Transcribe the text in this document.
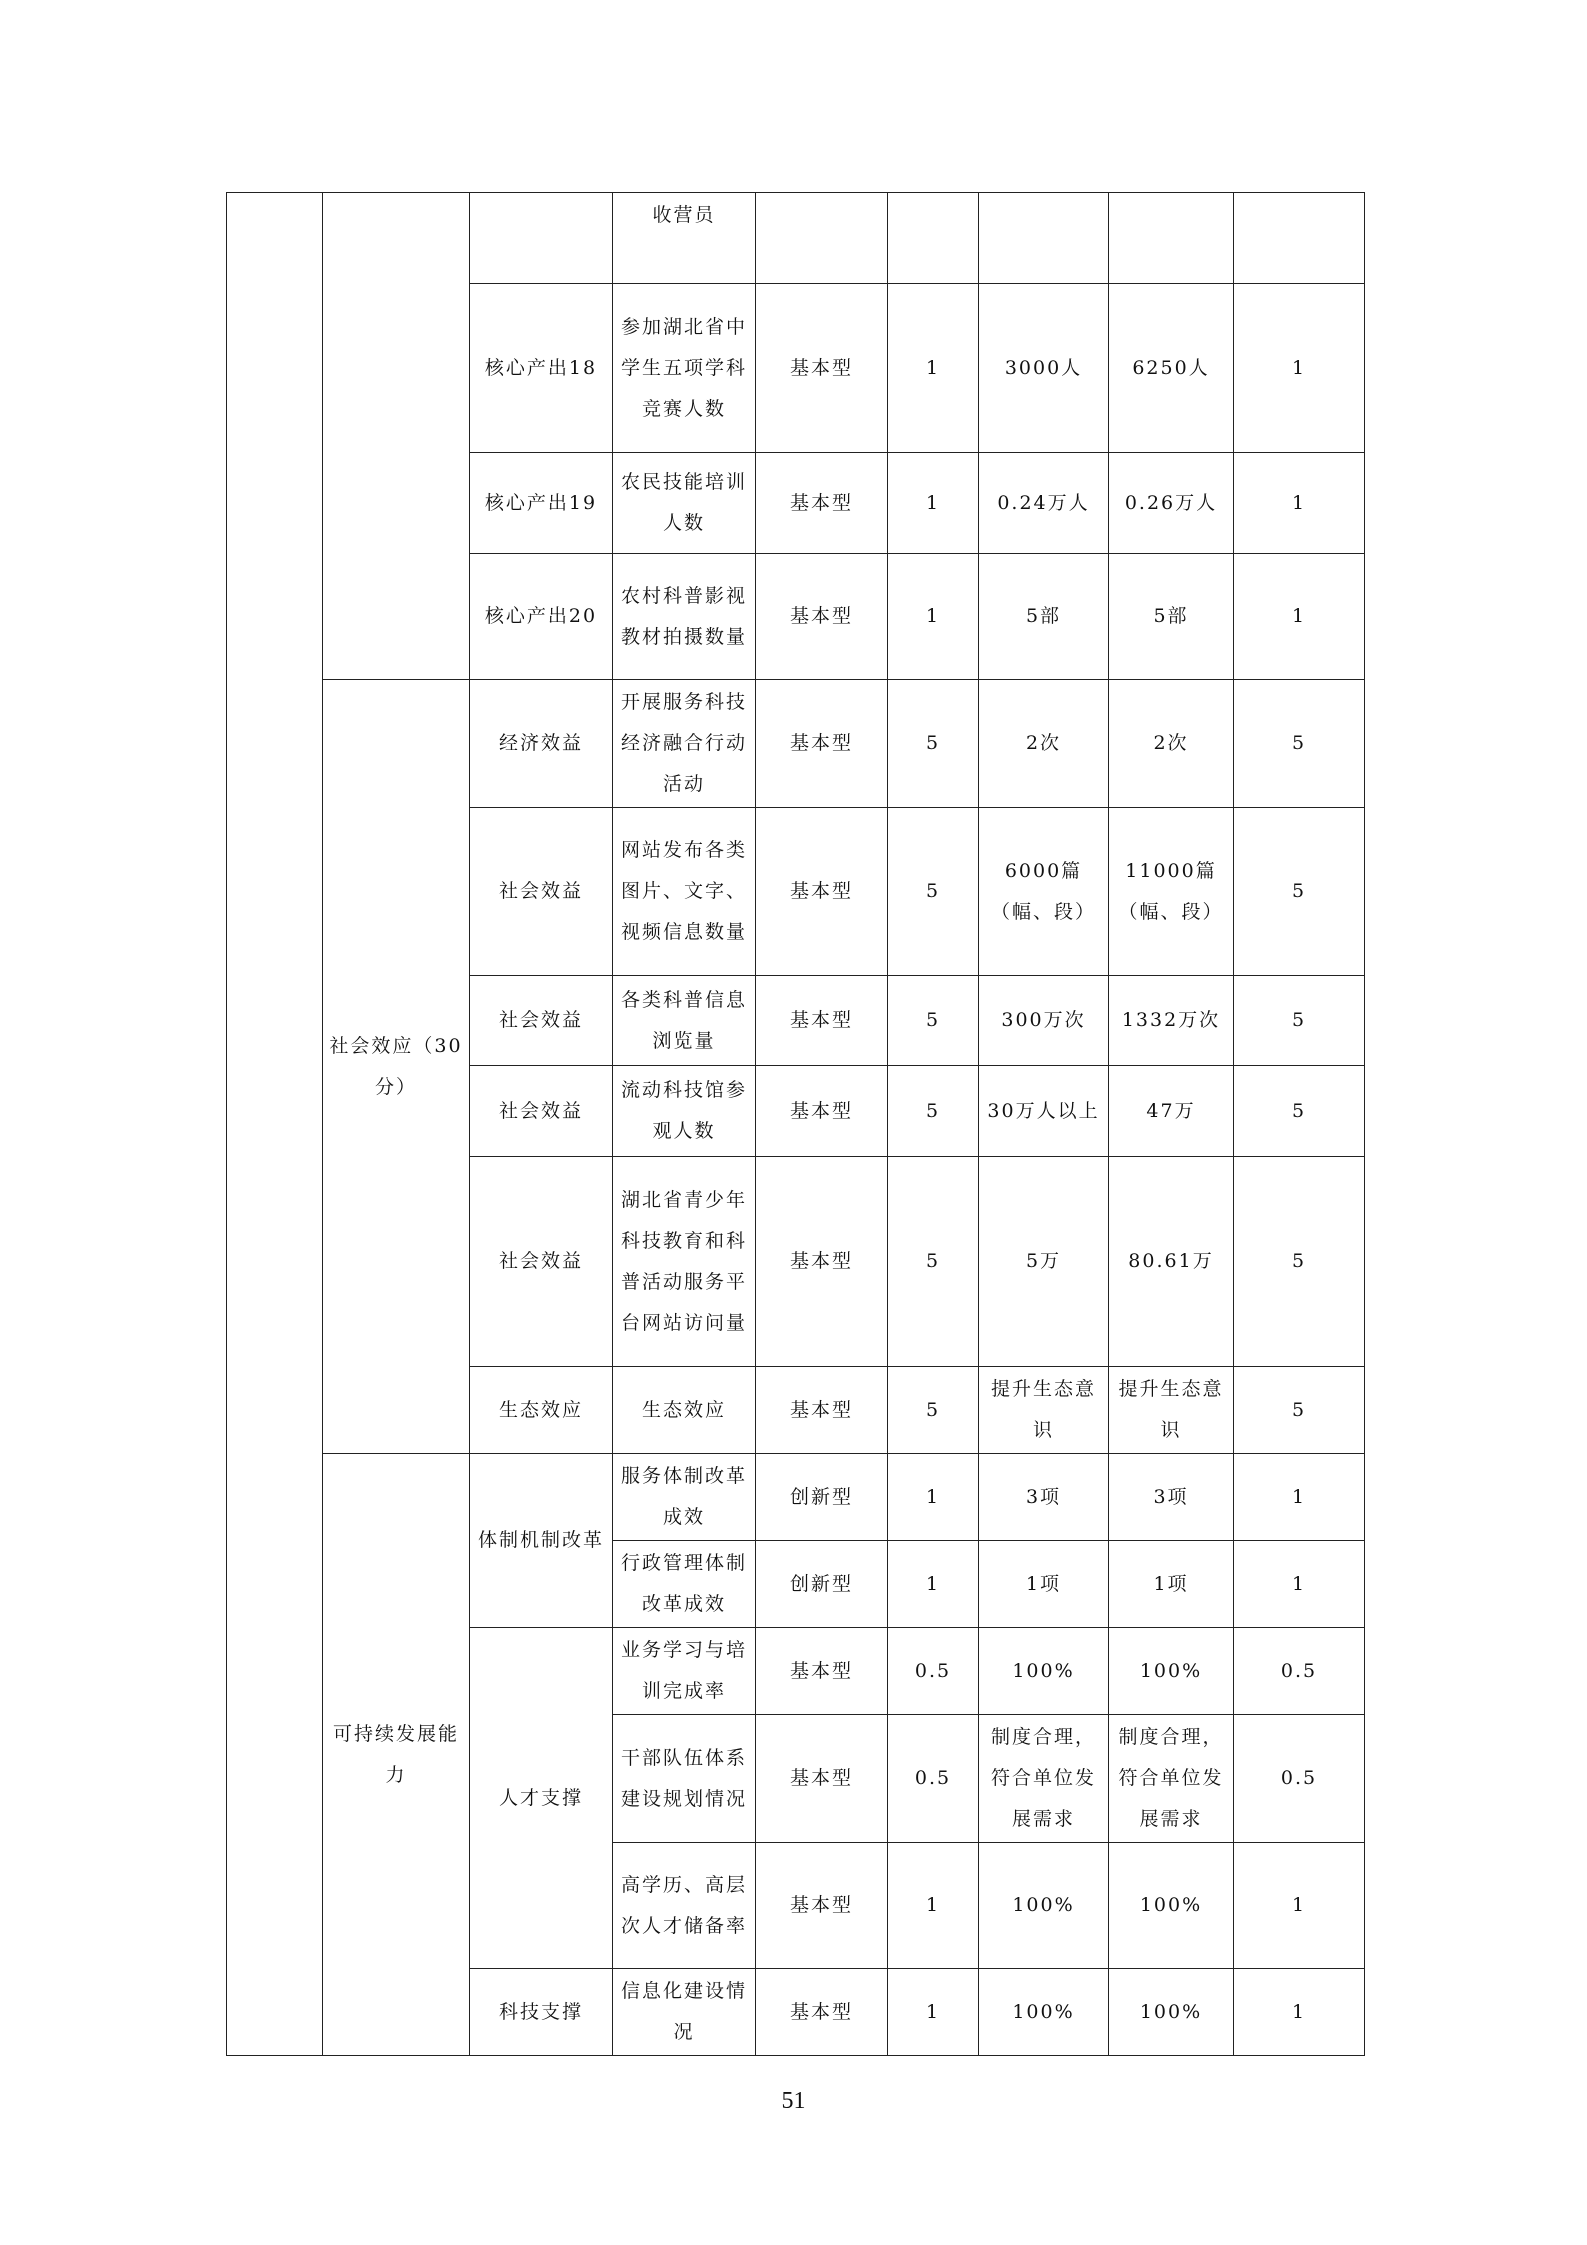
			收营员					

		核心产出18	参加湖北省中学生五项学科竞赛人数	基本型	1	3000人	6250人	1

		核心产出19	农民技能培训人数	基本型	1	0.24万人	0.26万人	1

		核心产出20	农村科普影视教材拍摄数量	基本型	1	5部	5部	1

	社会效应（30分）	经济效益	开展服务科技经济融合行动活动	基本型	5	2次	2次	5

		社会效益	网站发布各类图片、文字、视频信息数量	基本型	5	6000篇（幅、段）	11000篇（幅、段）	5

		社会效益	各类科普信息浏览量	基本型	5	300万次	1332万次	5

		社会效益	流动科技馆参观人数	基本型	5	30万人以上	47万	5

		社会效益	湖北省青少年科技教育和科普活动服务平台网站访问量	基本型	5	5万	80.61万	5

		生态效应	生态效应	基本型	5	提升生态意识	提升生态意识	5

	可持续发展能力	体制机制改革	服务体制改革成效	创新型	1	3项	3项	1

			行政管理体制改革成效	创新型	1	1项	1项	1

		人才支撑	业务学习与培训完成率	基本型	0.5	100%	100%	0.5

			干部队伍体系建设规划情况	基本型	0.5	制度合理，符合单位发展需求	制度合理，符合单位发展需求	0.5

			高学历、高层次人才储备率	基本型	1	100%	100%	1

		科技支撑	信息化建设情况	基本型	1	100%	100%	1
51
